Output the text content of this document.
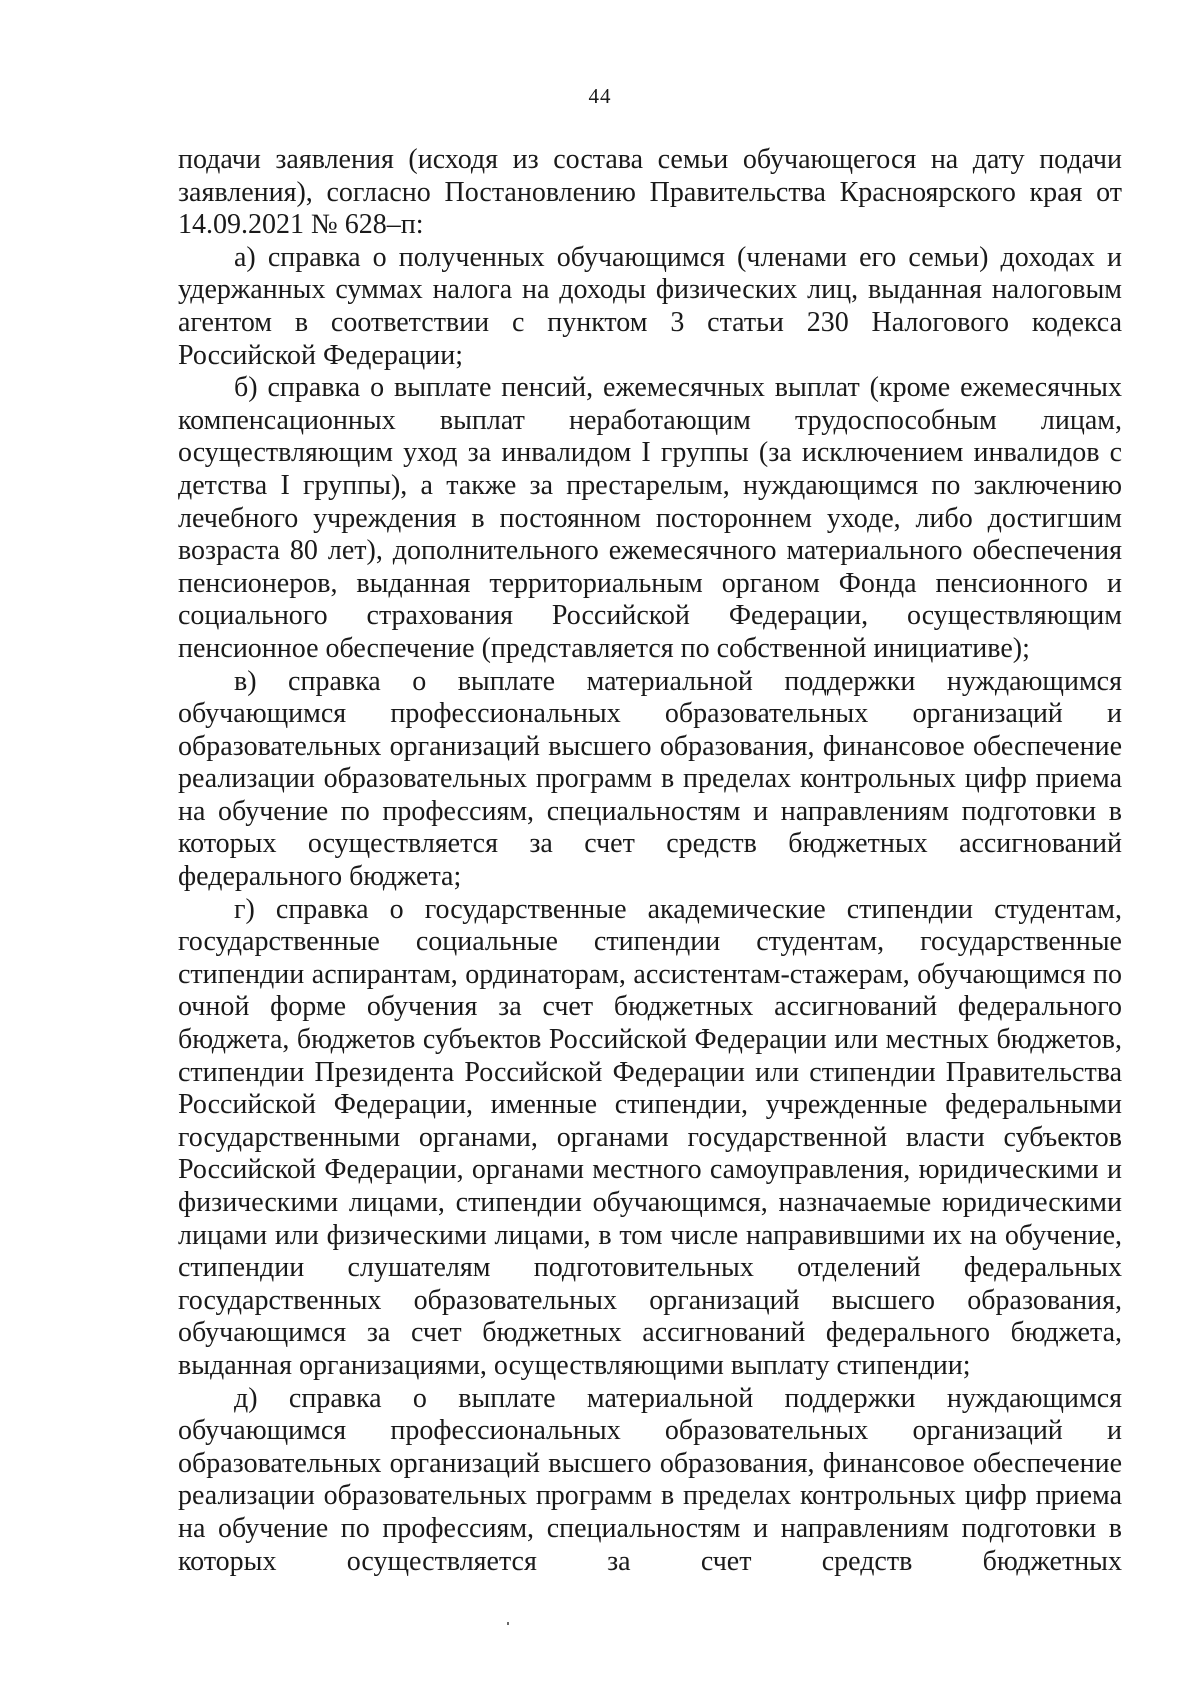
44

подачи заявления (исходя из состава семьи обучающегося на дату подачи заявления), согласно Постановлению Правительства Красноярского края от 14.09.2021 № 628–п:

а) справка о полученных обучающимся (членами его семьи) доходах и удержанных суммах налога на доходы физических лиц, выданная налоговым агентом в соответствии с пунктом 3 статьи 230 Налогового кодекса Российской Федерации;

б) справка о выплате пенсий, ежемесячных выплат (кроме ежемесячных компенсационных выплат неработающим трудоспособным лицам, осуществляющим уход за инвалидом I группы (за исключением инвалидов с детства I группы), а также за престарелым, нуждающимся по заключению лечебного учреждения в постоянном постороннем уходе, либо достигшим возраста 80 лет), дополнительного ежемесячного материального обеспечения пенсионеров, выданная территориальным органом Фонда пенсионного и социального страхования Российской Федерации, осуществляющим пенсионное обеспечение (представляется по собственной инициативе);

в) справка о выплате материальной поддержки нуждающимся обучающимся профессиональных образовательных организаций и образовательных организаций высшего образования, финансовое обеспечение реализации образовательных программ в пределах контрольных цифр приема на обучение по профессиям, специальностям и направлениям подготовки в которых осуществляется за счет средств бюджетных ассигнований федерального бюджета;

г) справка о государственные академические стипендии студентам, государственные социальные стипендии студентам, государственные стипендии аспирантам, ординаторам, ассистентам-стажерам, обучающимся по очной форме обучения за счет бюджетных ассигнований федерального бюджета, бюджетов субъектов Российской Федерации или местных бюджетов, стипендии Президента Российской Федерации или стипендии Правительства Российской Федерации, именные стипендии, учрежденные федеральными государственными органами, органами государственной власти субъектов Российской Федерации, органами местного самоуправления, юридическими и физическими лицами, стипендии обучающимся, назначаемые юридическими лицами или физическими лицами, в том числе направившими их на обучение, стипендии слушателям подготовительных отделений федеральных государственных образовательных организаций высшего образования, обучающимся за счет бюджетных ассигнований федерального бюджета, выданная организациями, осуществляющими выплату стипендии;

д) справка о выплате материальной поддержки нуждающимся обучающимся профессиональных образовательных организаций и образовательных организаций высшего образования, финансовое обеспечение реализации образовательных программ в пределах контрольных цифр приема на обучение по профессиям, специальностям и направлениям подготовки в которых осуществляется за счет средств бюджетных
